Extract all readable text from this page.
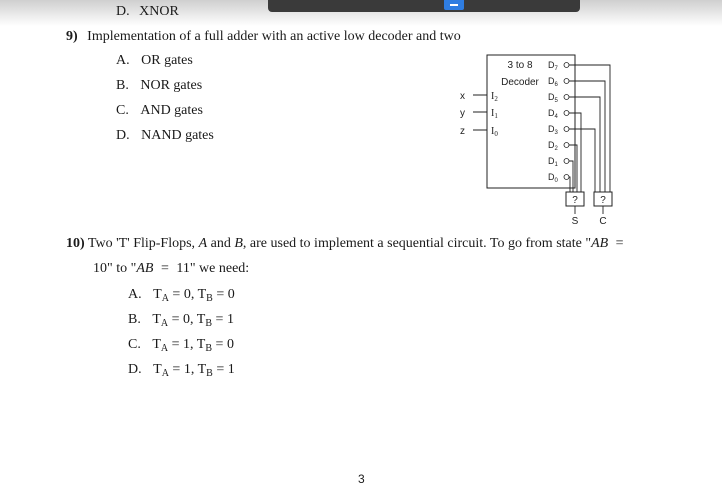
D. XNOR
9) Implementation of a full adder with an active low decoder and two
A. OR gates
B. NOR gates
C. AND gates
D. NAND gates
3 to 8
Decoder
x	$I_2$
y	$I_1$
z	$I_0$
$D_7$
$D_6$
$D_5$
$D_4$
$D_3$
$D_2$
$D_1$
$D_0$
? ?
S C
10) Two 'T' Flip-Flops, A and B, are used to implement a sequential circuit. To go from state "AB =
10" to "AB = 11" we need:
A. $T_A = 0$, $T_B = 0$
B. $T_A = 0$, $T_B = 1$
C. $T_A = 1$, $T_B = 0$
D. $T_A = 1$, $T_B = 1$
3
